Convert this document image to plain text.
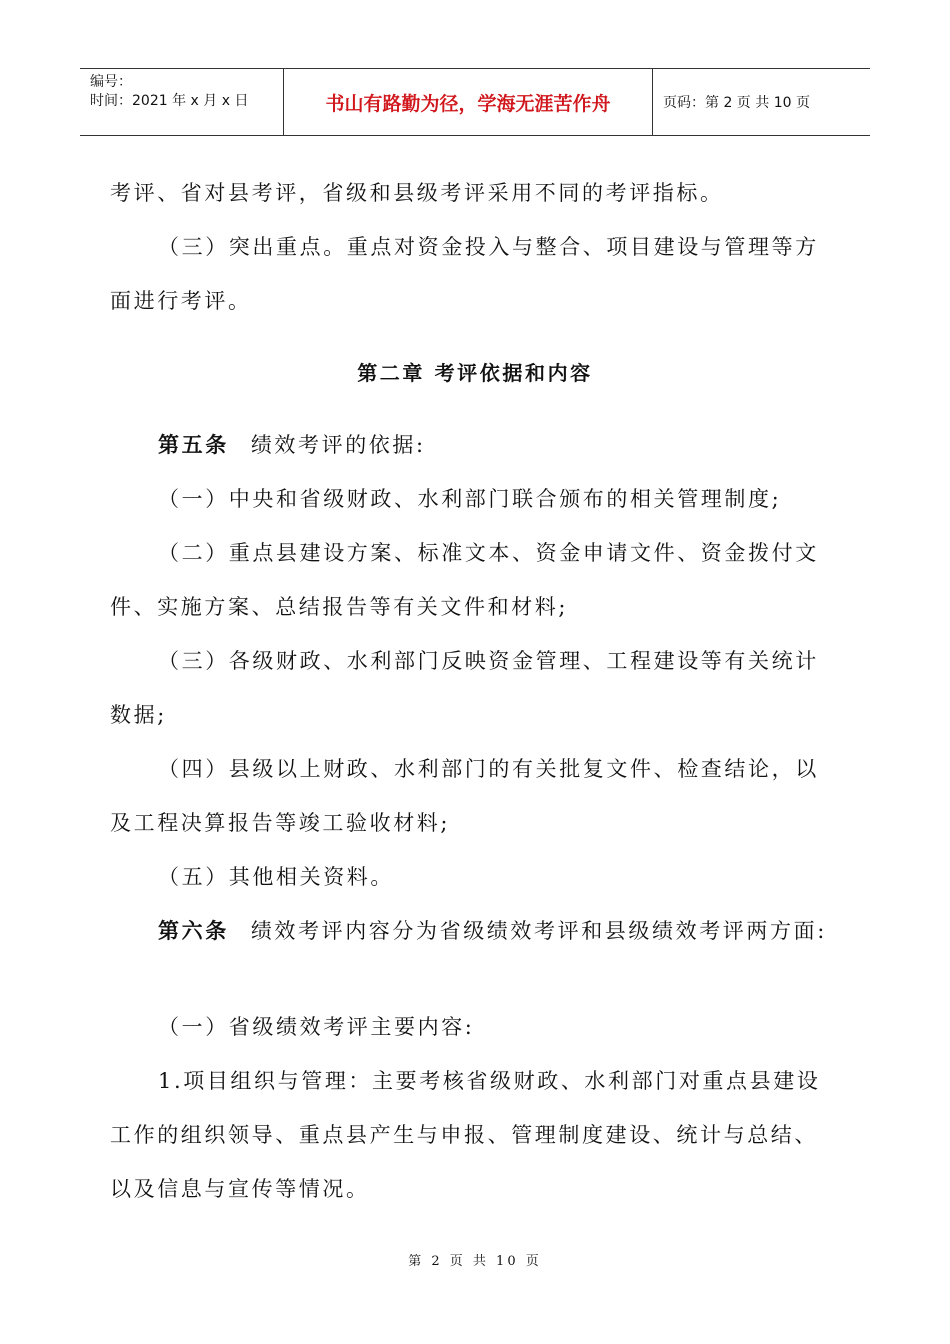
编号：
时间：2021 年 x 月 x 日	书山有路勤为径，学海无涯苦作舟	页码：第 2 页 共 10 页

考评、省对县考评，省级和县级考评采用不同的考评指标。

（三）突出重点。重点对资金投入与整合、项目建设与管理等方面进行考评。

第二章 考评依据和内容

第五条 绩效考评的依据:

（一）中央和省级财政、水利部门联合颁布的相关管理制度;

（二）重点县建设方案、标准文本、资金申请文件、资金拨付文件、实施方案、总结报告等有关文件和材料;

（三）各级财政、水利部门反映资金管理、工程建设等有关统计数据;

（四）县级以上财政、水利部门的有关批复文件、检查结论，以及工程决算报告等竣工验收材料;

（五）其他相关资料。

第六条 绩效考评内容分为省级绩效考评和县级绩效考评两方面:

（一）省级绩效考评主要内容:

1.项目组织与管理：主要考核省级财政、水利部门对重点县建设工作的组织领导、重点县产生与申报、管理制度建设、统计与总结、以及信息与宣传等情况。

第 2 页 共 10 页
